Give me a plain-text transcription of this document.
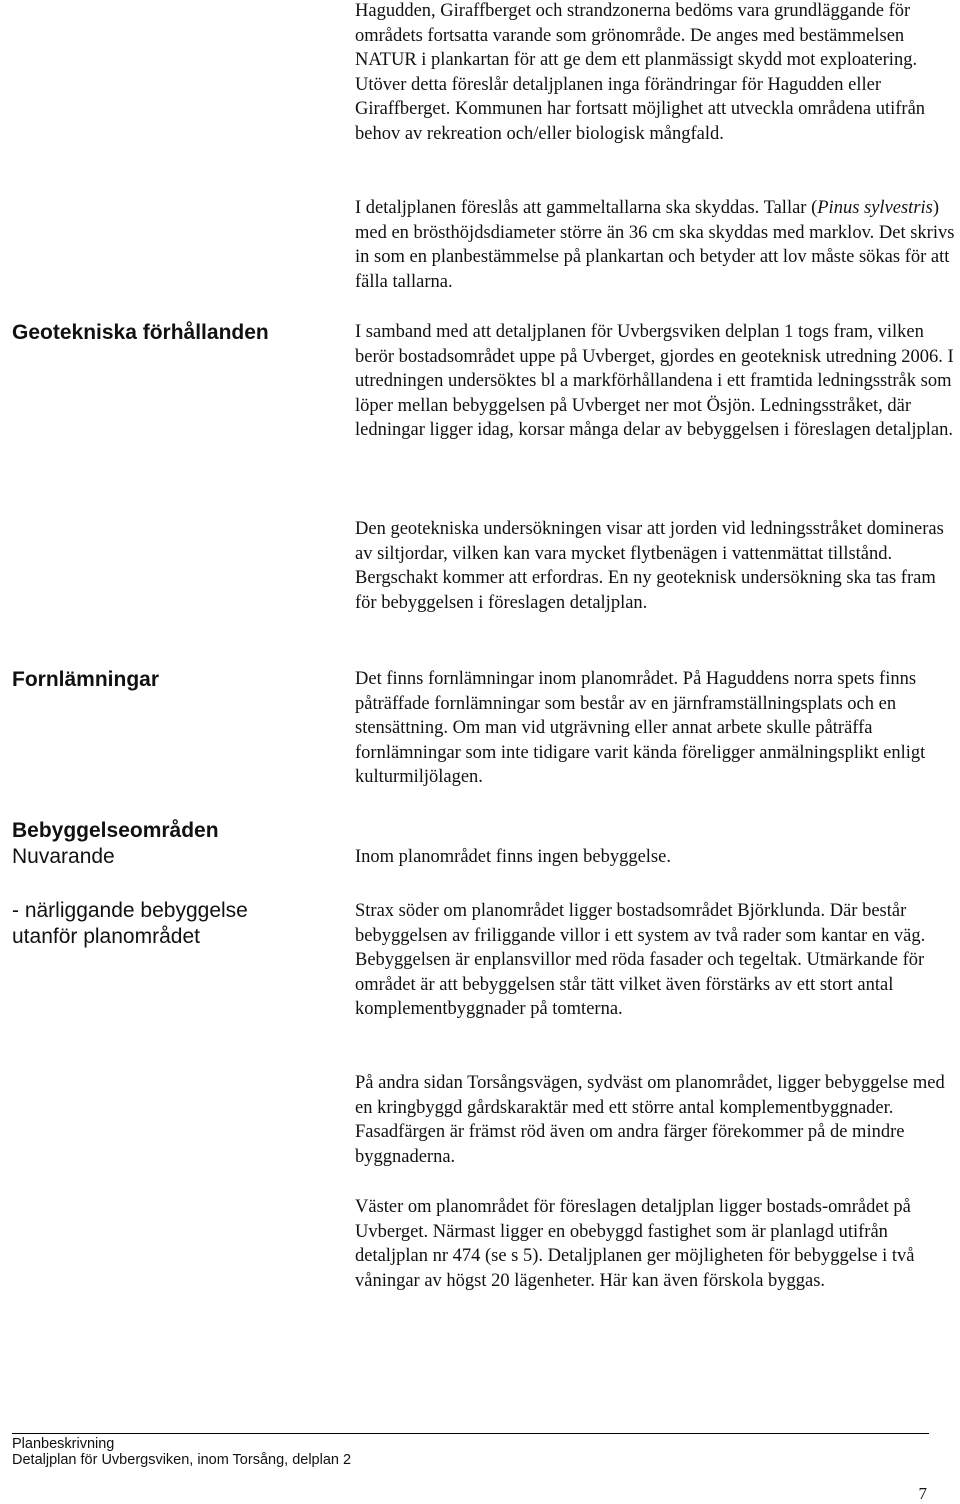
Hagudden, Giraffberget och strandzonerna bedöms vara grundläggande för områdets fortsatta varande som grönområde. De anges med bestämmelsen NATUR i plankartan för att ge dem ett planmässigt skydd mot exploatering. Utöver detta föreslår detaljplanen inga förändringar för Hagudden eller Giraffberget. Kommunen har fortsatt möjlighet att utveckla områdena utifrån behov av rekreation och/eller biologisk mångfald.

I detaljplanen föreslås att gammeltallarna ska skyddas. Tallar (Pinus sylvestris) med en brösthöjdsdiameter större än 36 cm ska skyddas med marklov. Det skrivs in som en planbestämmelse på plankartan och betyder att lov måste sökas för att fälla tallarna.

Geotekniska förhållanden	I samband med att detaljplanen för Uvbergsviken delplan 1 togs fram, vilken berör bostadsområdet uppe på Uvberget, gjordes en geoteknisk utredning 2006. I utredningen undersöktes bl a markförhållandena i ett framtida ledningsstråk som löper mellan bebyggelsen på Uvberget ner mot Ösjön. Ledningsstråket, där ledningar ligger idag, korsar många delar av bebyggelsen i föreslagen detaljplan.

Den geotekniska undersökningen visar att jorden vid ledningsstråket domineras av siltjordar, vilken kan vara mycket flytbenägen i vattenmättat tillstånd. Bergschakt kommer att erfordras. En ny geoteknisk undersökning ska tas fram för bebyggelsen i föreslagen detaljplan.

Fornlämningar	Det finns fornlämningar inom planområdet. På Haguddens norra spets finns påträffade fornlämningar som består av en järnframställningsplats och en stensättning. Om man vid utgrävning eller annat arbete skulle påträffa fornlämningar som inte tidigare varit kända föreligger anmälningsplikt enligt kulturmiljölagen.

Bebyggelseområden
Nuvarande	Inom planområdet finns ingen bebyggelse.

- närliggande bebyggelse
utanför planområdet

Strax söder om planområdet ligger bostadsområdet Björklunda. Där består bebyggelsen av friliggande villor i ett system av två rader som kantar en väg. Bebyggelsen är enplansvillor med röda fasader och tegeltak. Utmärkande för området är att bebyggelsen står tätt vilket även förstärks av ett stort antal komplementbyggnader på tomterna.

På andra sidan Torsångsvägen, sydväst om planområdet, ligger bebyggelse med en kringbyggd gårdskaraktär med ett större antal komplementbyggnader. Fasadfärgen är främst röd även om andra färger förekommer på de mindre byggnaderna.

Väster om planområdet för föreslagen detaljplan ligger bostads-området på Uvberget. Närmast ligger en obebyggd fastighet som är planlagd utifrån detaljplan nr 474 (se s 5). Detaljplanen ger möjligheten för bebyggelse i två våningar av högst 20 lägenheter. Här kan även förskola byggas.

Planbeskrivning

Detaljplan för Uvbergsviken, inom Torsång, delplan 2

7
